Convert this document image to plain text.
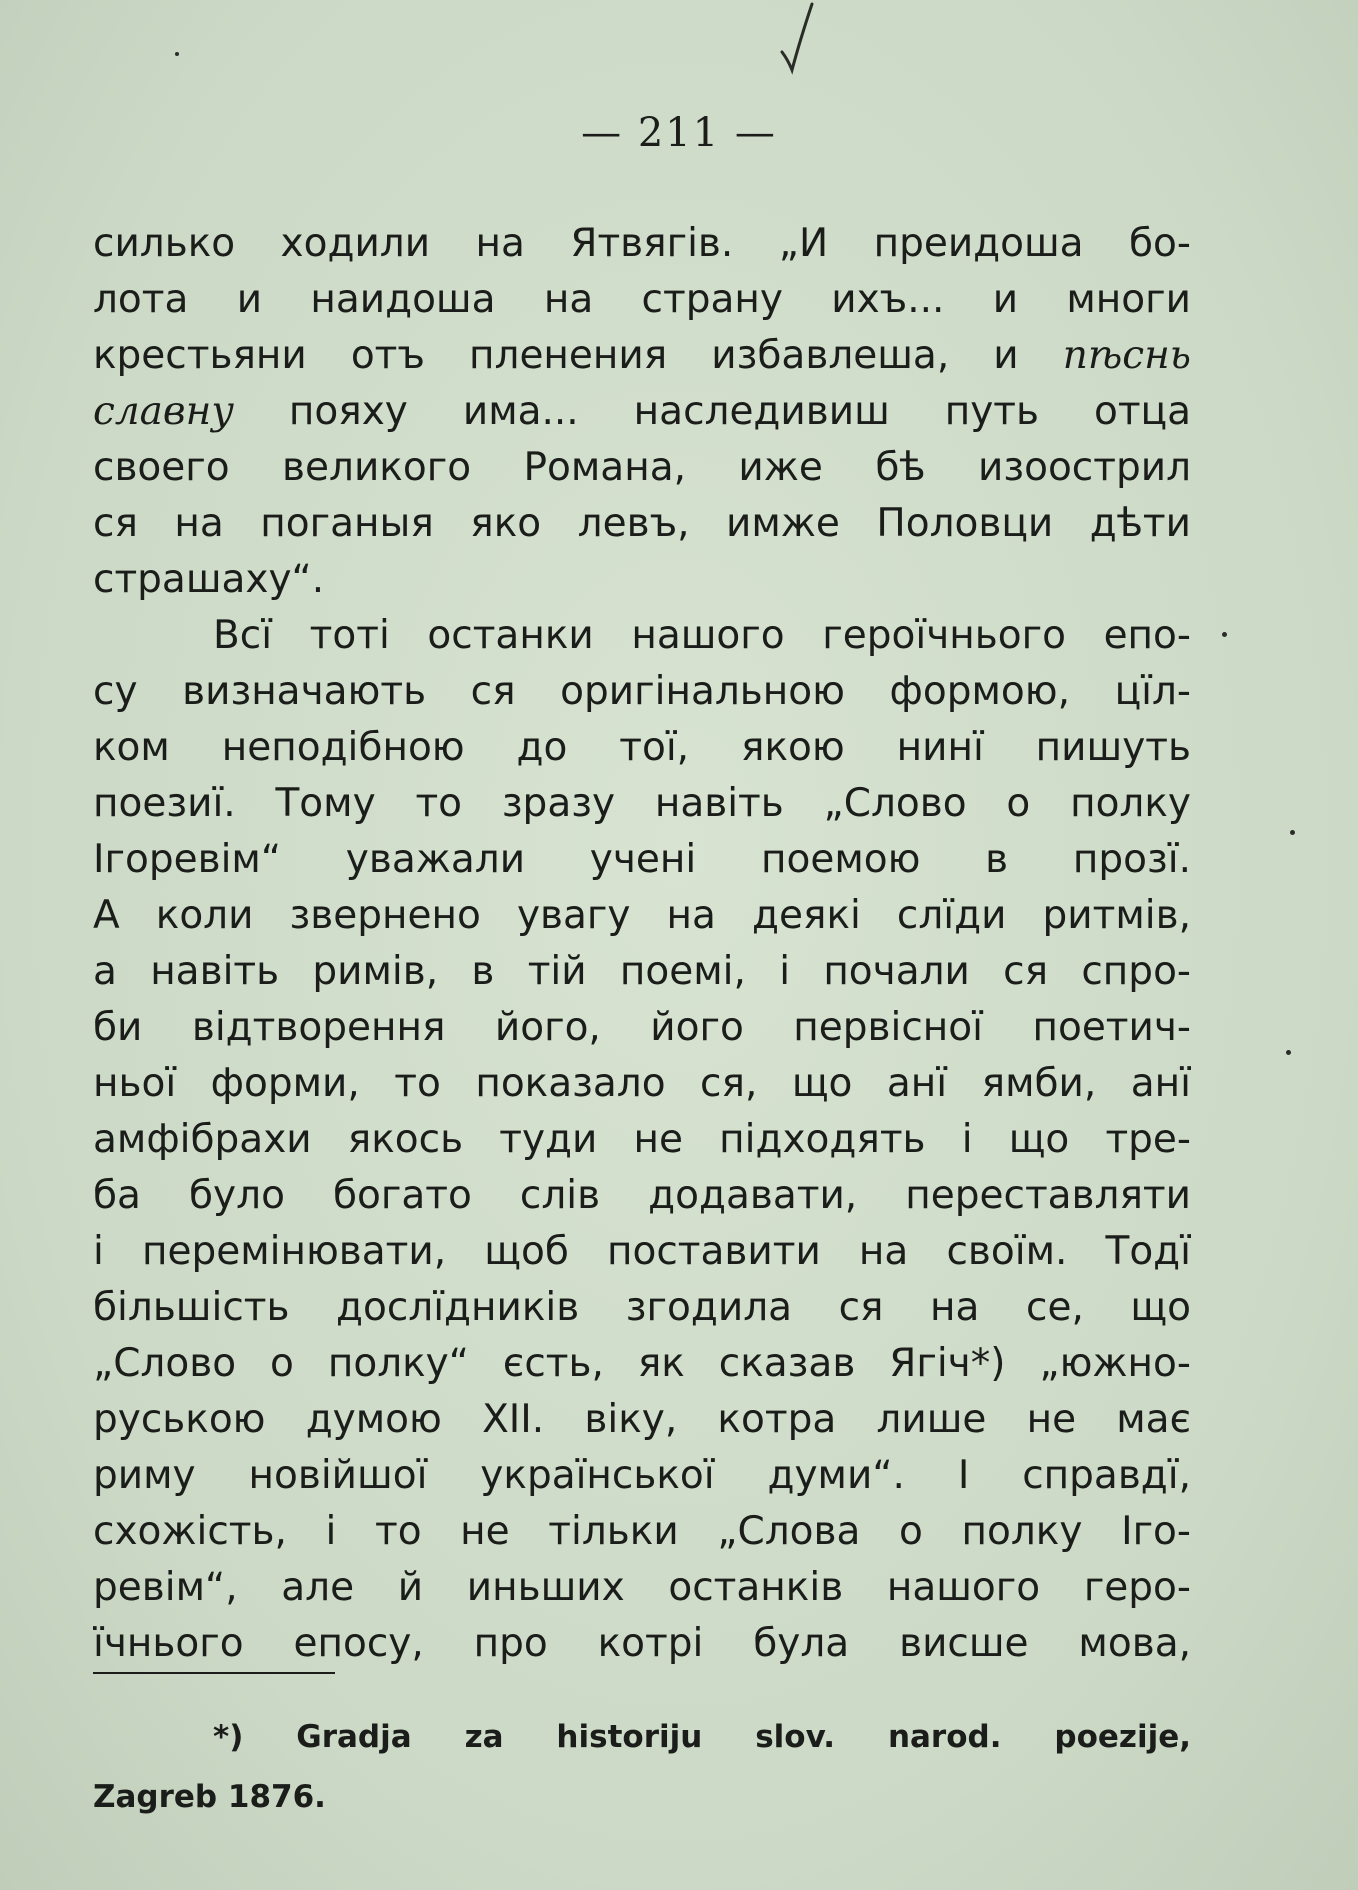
— 211 —
силько ходили на Ятвягів. „И преидоша бо-
лота и наидоша на страну ихъ... и многи
крестьяни отъ пленения избавлеша, и пѣснь
славну пояху има... наследивиш путь отца
своего великого Романа, иже бѣ изоострил
ся на поганыя яко левъ, имже Половци дѣти
страшаху“.
Всї тоті останки нашого героїчнього епо-
су визначають ся оригінальною формою, цїл-
ком неподібною до тої, якою нинї пишуть
поезиї. Тому то зразу навіть „Слово о полку
Ігоревім“ уважали учені поемою в прозї.
А коли звернено увагу на деякі слїди ритмів,
а навіть римів, в тій поемі, і почали ся спро-
би відтворення його, його первісної поетич-
ньої форми, то показало ся, що анї ямби, анї
амфібрахи якось туди не підходять і що тре-
ба було богато слів додавати, переставляти
і перемінювати, щоб поставити на своїм. Тодї
більшість дослїдників згодила ся на се, що
„Слово о полку“ єсть, як сказав Ягіч*) „южно-
руською думою XII. віку, котра лише не має
риму новійшої української думи“. І справдї,
схожість, і то не тільки „Слова о полку Іго-
ревім“, але й иньших останків нашого геро-
їчнього епосу, про котрі була висше мова,
*) Gradja za historiju slov. narod. poezije,
Zagreb 1876.
